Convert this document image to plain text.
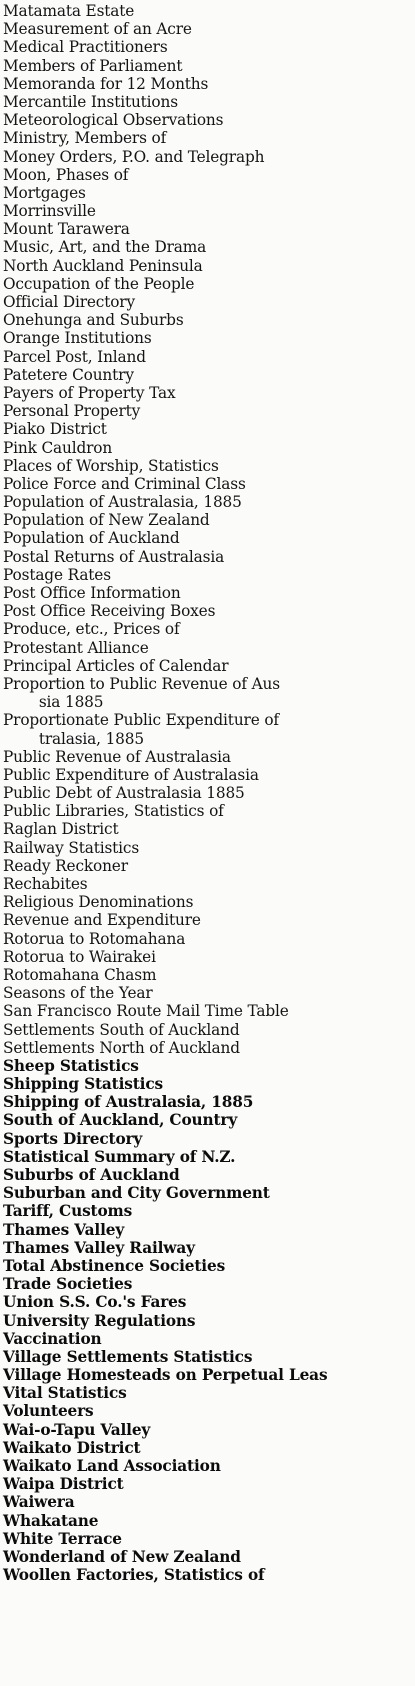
Matamata Estate
Measurement of an Acre
Medical Practitioners
Members of Parliament
Memoranda for 12 Months
Mercantile Institutions
Meteorological Observations
Ministry, Members of
Money Orders, P.O. and Telegraph
Moon, Phases of
Mortgages
Morrinsville
Mount Tarawera
Music, Art, and the Drama
North Auckland Peninsula
Occupation of the People
Official Directory
Onehunga and Suburbs
Orange Institutions
Parcel Post, Inland
Patetere Country
Payers of Property Tax
Personal Property
Piako District
Pink Cauldron
Places of Worship, Statistics
Police Force and Criminal Class
Population of Australasia, 1885
Population of New Zealand
Population of Auckland
Postal Returns of Australasia
Postage Rates
Post Office Information
Post Office Receiving Boxes
Produce, etc., Prices of
Protestant Alliance
Principal Articles of Calendar
Proportion to Public Revenue of Aus
sia 1885
Proportionate Public Expenditure of
tralasia, 1885
Public Revenue of Australasia
Public Expenditure of Australasia
Public Debt of Australasia 1885
Public Libraries, Statistics of
Raglan District
Railway Statistics
Ready Reckoner
Rechabites
Religious Denominations
Revenue and Expenditure
Rotorua to Rotomahana
Rotorua to Wairakei
Rotomahana Chasm
Seasons of the Year
San Francisco Route Mail Time Table
Settlements South of Auckland
Settlements North of Auckland
Sheep Statistics
Shipping Statistics
Shipping of Australasia, 1885
South of Auckland, Country
Sports Directory
Statistical Summary of N.Z.
Suburbs of Auckland
Suburban and City Government
Tariff, Customs
Thames Valley
Thames Valley Railway
Total Abstinence Societies
Trade Societies
Union S.S. Co.'s Fares
University Regulations
Vaccination
Village Settlements Statistics
Village Homesteads on Perpetual Leas
Vital Statistics
Volunteers
Wai-o-Tapu Valley
Waikato District
Waikato Land Association
Waipa District
Waiwera
Whakatane
White Terrace
Wonderland of New Zealand
Woollen Factories, Statistics of
